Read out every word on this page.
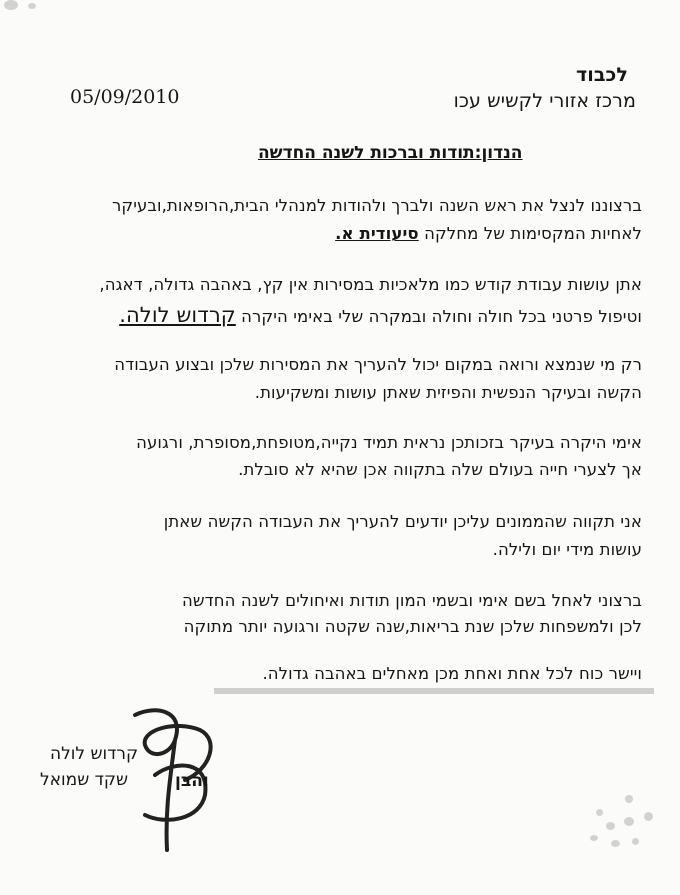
05/09/2010
לכבוד
מרכז אזורי לקשיש עכו
הנדון:תודות וברכות לשנה החדשה
ברצוננו לנצל את ראש השנה ולברך ולהודות למנהלי הבית,הרופאות,ובעיקר
לאחיות המקסימות של מחלקה סיעודית א.
אתן עושות עבודת קודש כמו מלאכיות במסירות אין קץ, באהבה גדולה, דאגה,
וטיפול פרטני בכל חולה וחולה ובמקרה שלי באימי היקרה קרדוש לולה.
רק מי שנמצא ורואה במקום יכול להעריך את המסירות שלכן ובצוע העבודה
הקשה ובעיקר הנפשית והפיזית שאתן עושות ומשקיעות.
אימי היקרה בעיקר בזכותכן נראית תמיד נקייה,מטופחת,מסופרת, ורגועה
אך לצערי חייה בעולם שלה בתקווה אכן שהיא לא סובלת.
אני תקווה שהממונים עליכן יודעים להעריך את העבודה הקשה שאתן
עושות מידי יום ולילה.
ברצוני לאחל בשם אימי ובשמי המון תודות ואיחולים לשנה החדשה
לכן ולמשפחות שלכן שנת בריאות,שנה שקטה ורגועה יותר מתוקה
ויישר כוח לכל אחת ואחת מכן מאחלים באהבה גדולה.
קרדוש לולה
שקד שמואל	והבן
